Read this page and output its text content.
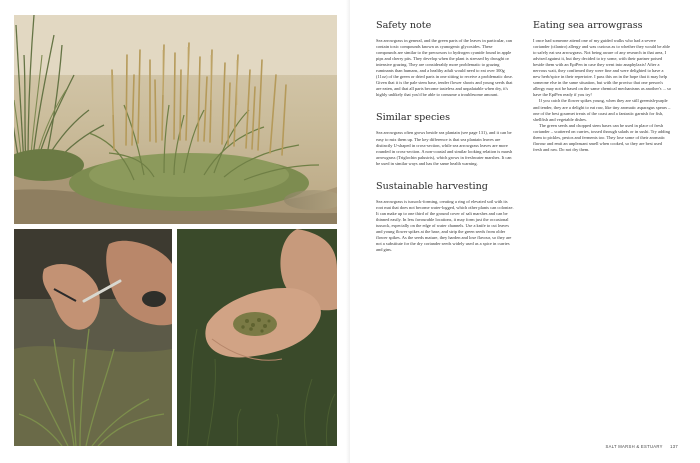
Safety note

Sea arrowgrass in general, and the green parts of the leaves in particular, can contain toxic compounds known as cyanogenic glycosides. These compounds are similar to the precursors to hydrogen cyanide found in apple pips and cherry pits. They develop when the plant is stressed by drought or intensive grazing. They are considerably more problematic to grazing ruminants than humans, and a healthy adult would need to eat over 300g (11oz) of the green or dried parts in one sitting to receive a problematic dose. Given that it is the pale stem base, tender flower shoots and young seeds that are eaten, and that all parts become tasteless and unpalatable when dry, it's highly unlikely that you'd be able to consume a troublesome amount.

Similar species

Sea arrowgrass often grows beside sea plantain (see page 131), and it can be easy to mix them up. The key difference is that sea plantain leaves are distinctly U-shaped in cross-section, while sea arrowgrass leaves are more rounded in cross-section. A non-coastal and similar looking relation is marsh arrowgrass (Triglochin palustris), which grows in freshwater marshes. It can be used in similar ways and has the same health warning.

Sustainable harvesting

Sea arrowgrass is tussock-forming, creating a ring of elevated soil with its root mat that does not become water-logged, which other plants can colonize. It can make up to one third of the ground cover of salt marshes and can be thinned easily. In less favourable locations, it may form just the occasional tussock, especially on the edge of water channels. Use a knife to cut leaves and young flower spikes at the base, and strip the green seeds from older flower spikes. As the seeds mature, they harden and lose flavour, so they are not a substitute for the dry coriander seeds widely used as a spice in curries and gins.

Eating sea arrowgrass

I once had someone attend one of my guided walks who had a severe coriander (cilantro) allergy and was curious as to whether they would be able to safely eat sea arrowgrass. Not being aware of any research in that area, I advised against it, but they decided to try some, with their partner poised beside them with an EpiPen in case they went into anaphylaxis! After a nervous wait, they confirmed they were fine and were delighted to have a new herb/spice in their repertoire. I pass this on in the hope that it may help someone else in the same situation, but with the proviso that one person's allergy may not be based on the same chemical mechanisms as another's ... so have the EpiPen ready if you try!

If you catch the flower spikes young, when they are still greenish-purple and tender, they are a delight to eat raw, like tiny aromatic asparagus spears – one of the best gourmet treats of the coast and a fantastic garnish for fish, shellfish and vegetable dishes.

The green seeds and chopped stem bases can be used in place of fresh coriander – scattered on curries, tossed through salads or in sushi. Try adding them to pickles, pestos and ferments too. They lose some of their aromatic flavour and emit an unpleasant smell when cooked, so they are best used fresh and raw. Do not dry them.

SALT MARSH & ESTUARY 137
